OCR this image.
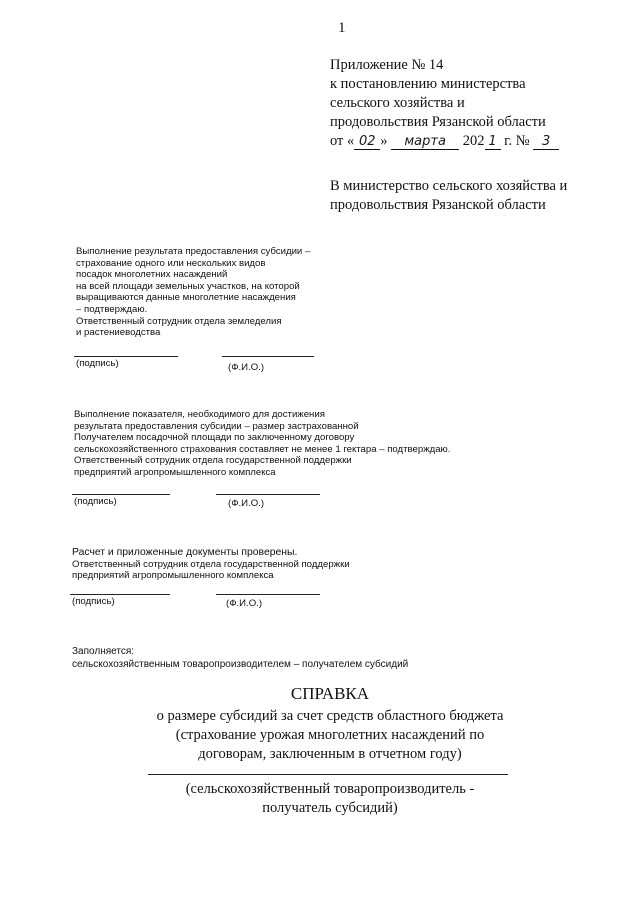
1
Приложение № 14
к постановлению министерства
сельского хозяйства и
продовольствия Рязанской области
от « 02 » марта 202 1 г. № 3
В министерство сельского хозяйства и
продовольствия Рязанской области
Выполнение результата предоставления субсидии –
страхование одного или нескольких видов
посадок многолетних насаждений
на всей площади земельных участков, на которой
выращиваются данные многолетние насаждения
– подтверждаю.
Ответственный сотрудник отдела земледелия
и растениеводства
(подпись)	(Ф.И.О.)
Выполнение показателя, необходимого для достижения
результата предоставления субсидии – размер застрахованной
Получателем посадочной площади по заключенному договору
сельскохозяйственного страхования составляет не менее 1 гектара – подтверждаю.
Ответственный сотрудник отдела государственной поддержки
предприятий агропромышленного комплекса
(подпись)	(Ф.И.О.)
Расчет и приложенные документы проверены.
Ответственный сотрудник отдела государственной поддержки
предприятий агропромышленного комплекса
(подпись)	(Ф.И.О.)
Заполняется:
сельскохозяйственным товаропроизводителем – получателем субсидий
СПРАВКА
о размере субсидий за счет средств областного бюджета
(страхование урожая многолетних насаждений по
договорам, заключенным в отчетном году)
(сельскохозяйственный товаропроизводитель -
получатель субсидий)
